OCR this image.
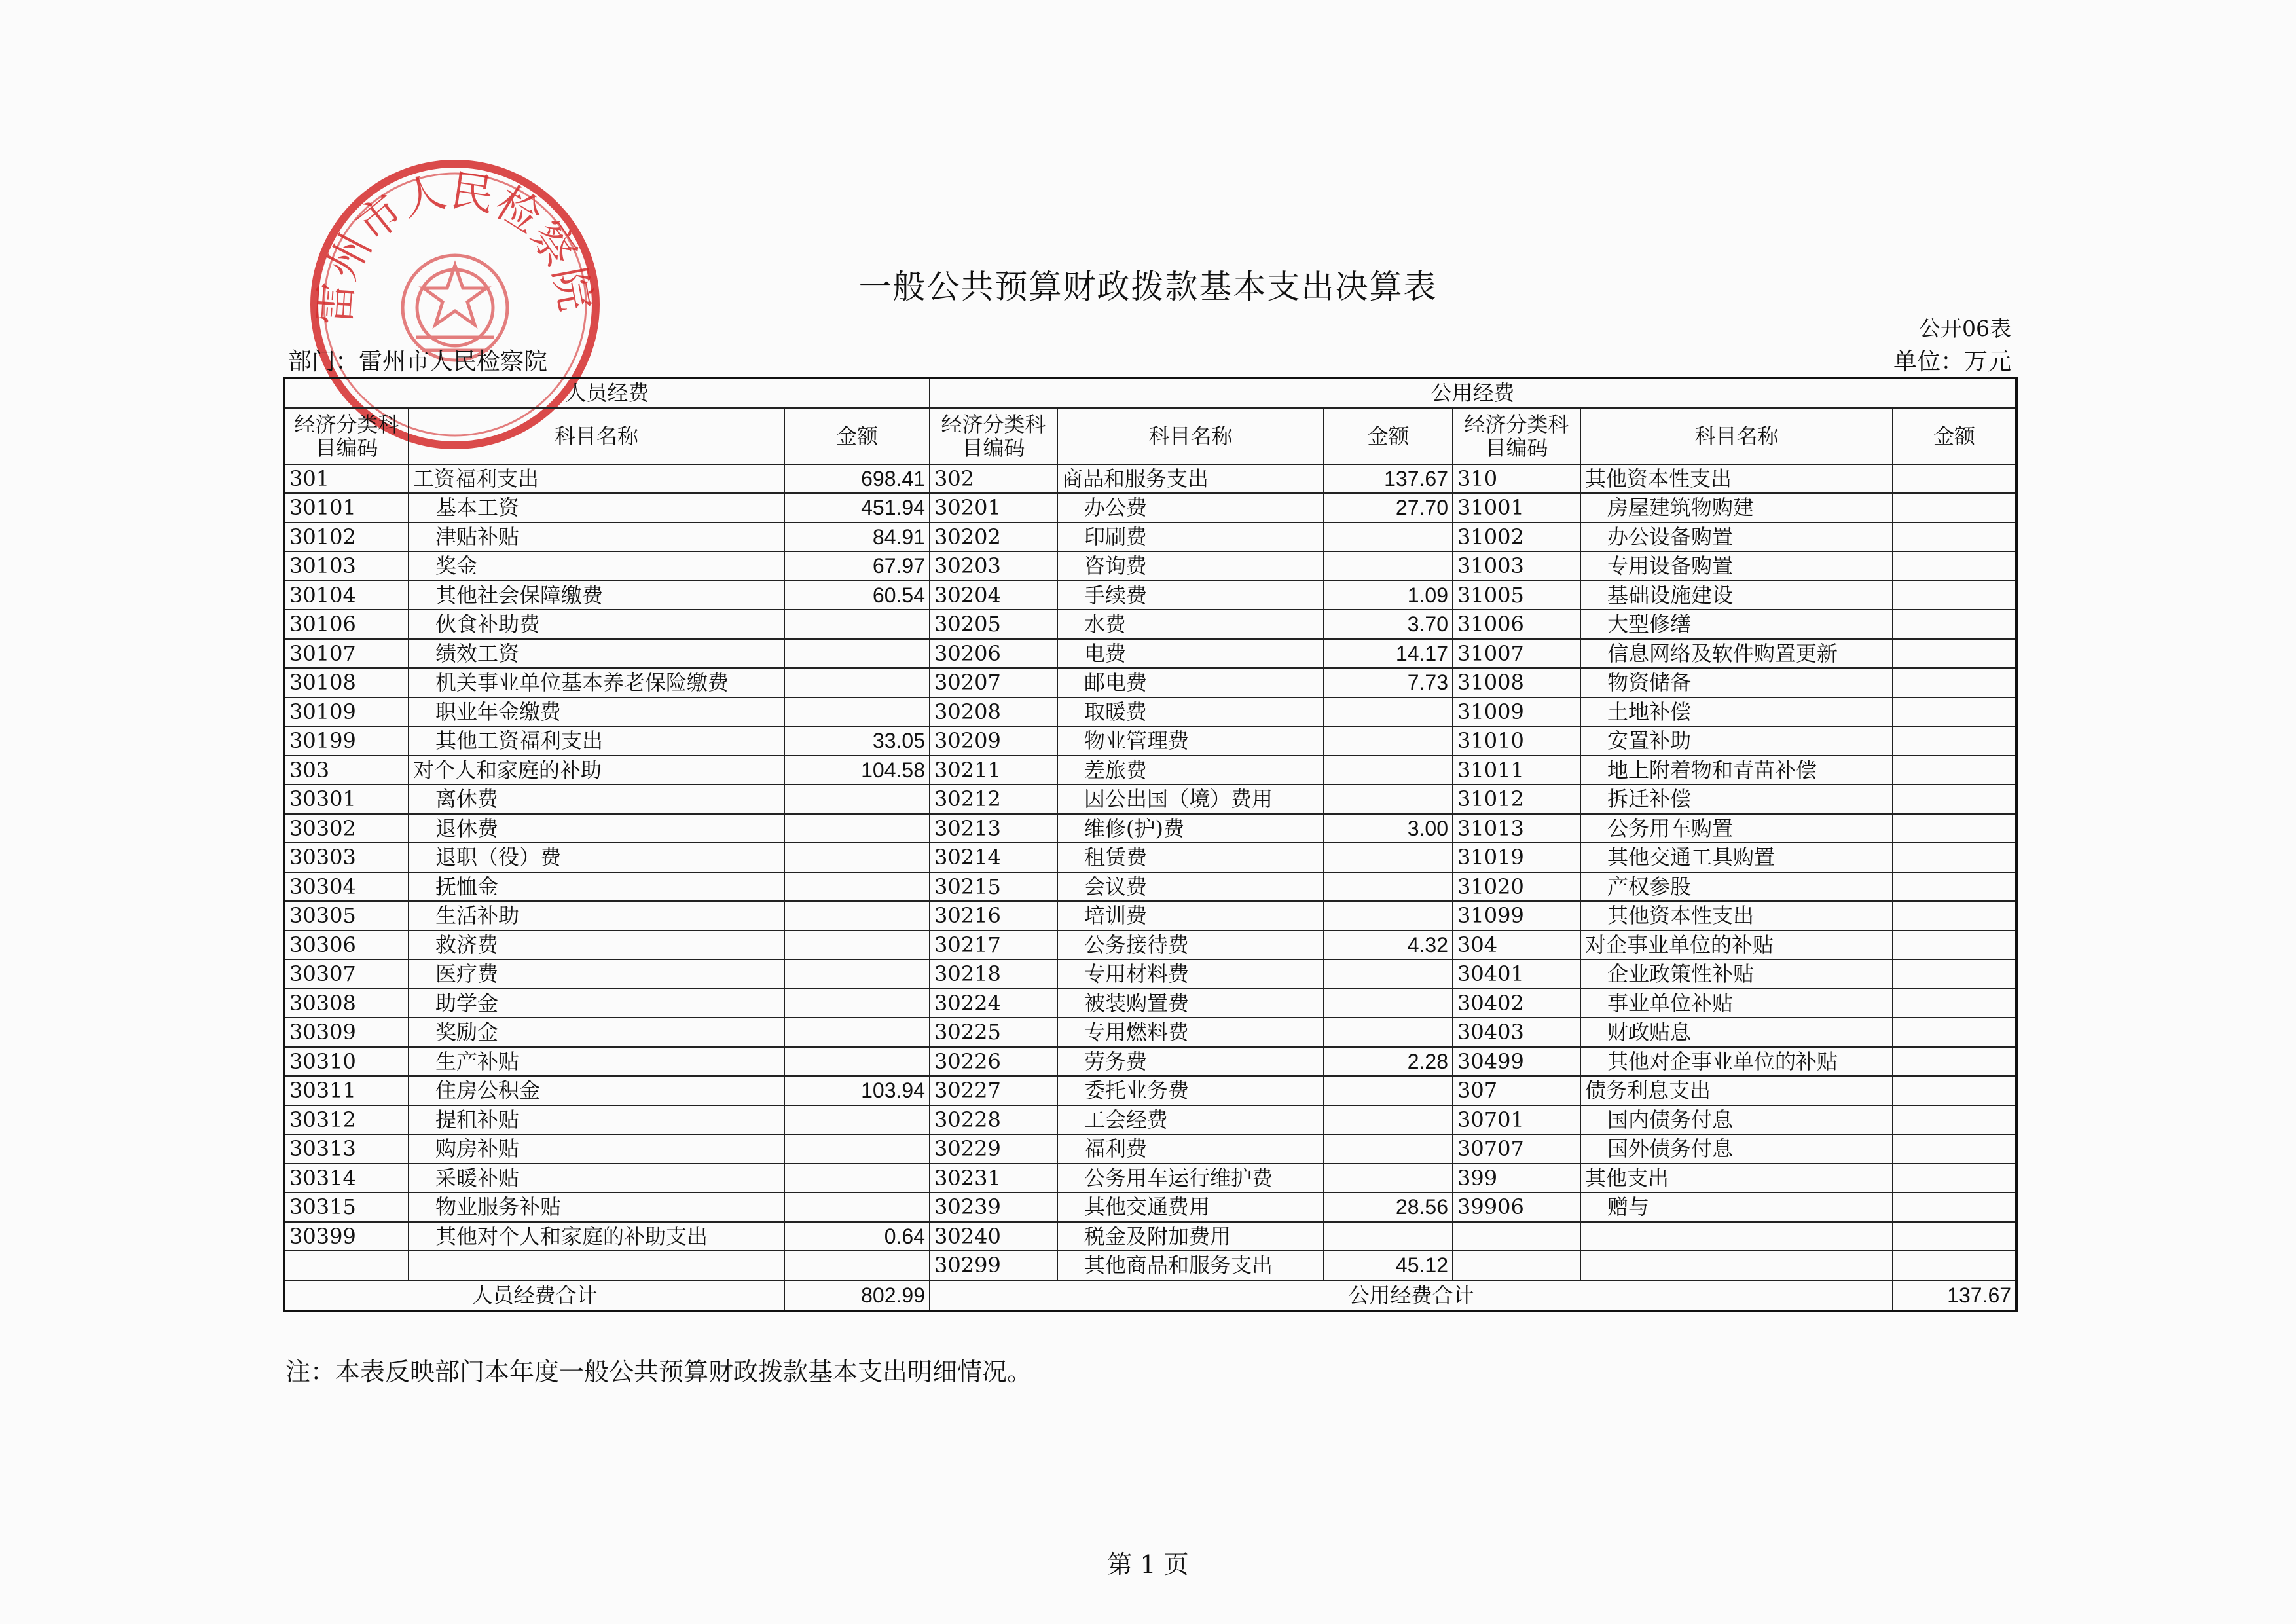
雷州市人民检察院	一般公共预算财政拨款基本支出决算表
公开06表
部门：雷州市人民检察院	单位：万元
人员经费			公用经费					
经济分类科目编码	科目名称	金额	经济分类科目编码	科目名称	金额	经济分类科目编码	科目名称	金额
301	工资福利支出	698.41	302	商品和服务支出	137.67	310	其他资本性支出	
30101	基本工资	451.94	30201	办公费	27.70	31001	房屋建筑物购建	
30102	津贴补贴	84.91	30202	印刷费		31002	办公设备购置	
30103	奖金	67.97	30203	咨询费		31003	专用设备购置	
30104	其他社会保障缴费	60.54	30204	手续费	1.09	31005	基础设施建设	
30106	伙食补助费		30205	水费	3.70	31006	大型修缮	
30107	绩效工资		30206	电费	14.17	31007	信息网络及软件购置更新	
30108	机关事业单位基本养老保险缴费		30207	邮电费	7.73	31008	物资储备	
30109	职业年金缴费		30208	取暖费		31009	土地补偿	
30199	其他工资福利支出	33.05	30209	物业管理费		31010	安置补助	
303	对个人和家庭的补助	104.58	30211	差旅费		31011	地上附着物和青苗补偿	
30301	离休费		30212	因公出国（境）费用		31012	拆迁补偿	
30302	退休费		30213	维修(护)费	3.00	31013	公务用车购置	
30303	退职（役）费		30214	租赁费		31019	其他交通工具购置	
30304	抚恤金		30215	会议费		31020	产权参股	
30305	生活补助		30216	培训费		31099	其他资本性支出	
30306	救济费		30217	公务接待费	4.32	304	对企事业单位的补贴	
30307	医疗费		30218	专用材料费		30401	企业政策性补贴	
30308	助学金		30224	被装购置费		30402	事业单位补贴	
30309	奖励金		30225	专用燃料费		30403	财政贴息	
30310	生产补贴		30226	劳务费	2.28	30499	其他对企事业单位的补贴	
30311	住房公积金	103.94	30227	委托业务费		307	债务利息支出	
30312	提租补贴		30228	工会经费		30701	国内债务付息	
30313	购房补贴		30229	福利费		30707	国外债务付息	
30314	采暖补贴		30231	公务用车运行维护费		399	其他支出	
30315	物业服务补贴		30239	其他交通费用	28.56	39906	赠与	
30399	其他对个人和家庭的补助支出	0.64	30240	税金及附加费用				
			30299	其他商品和服务支出	45.12			
人员经费合计		802.99	公用经费合计					137.67
注：本表反映部门本年度一般公共预算财政拨款基本支出明细情况。
第 1 页
